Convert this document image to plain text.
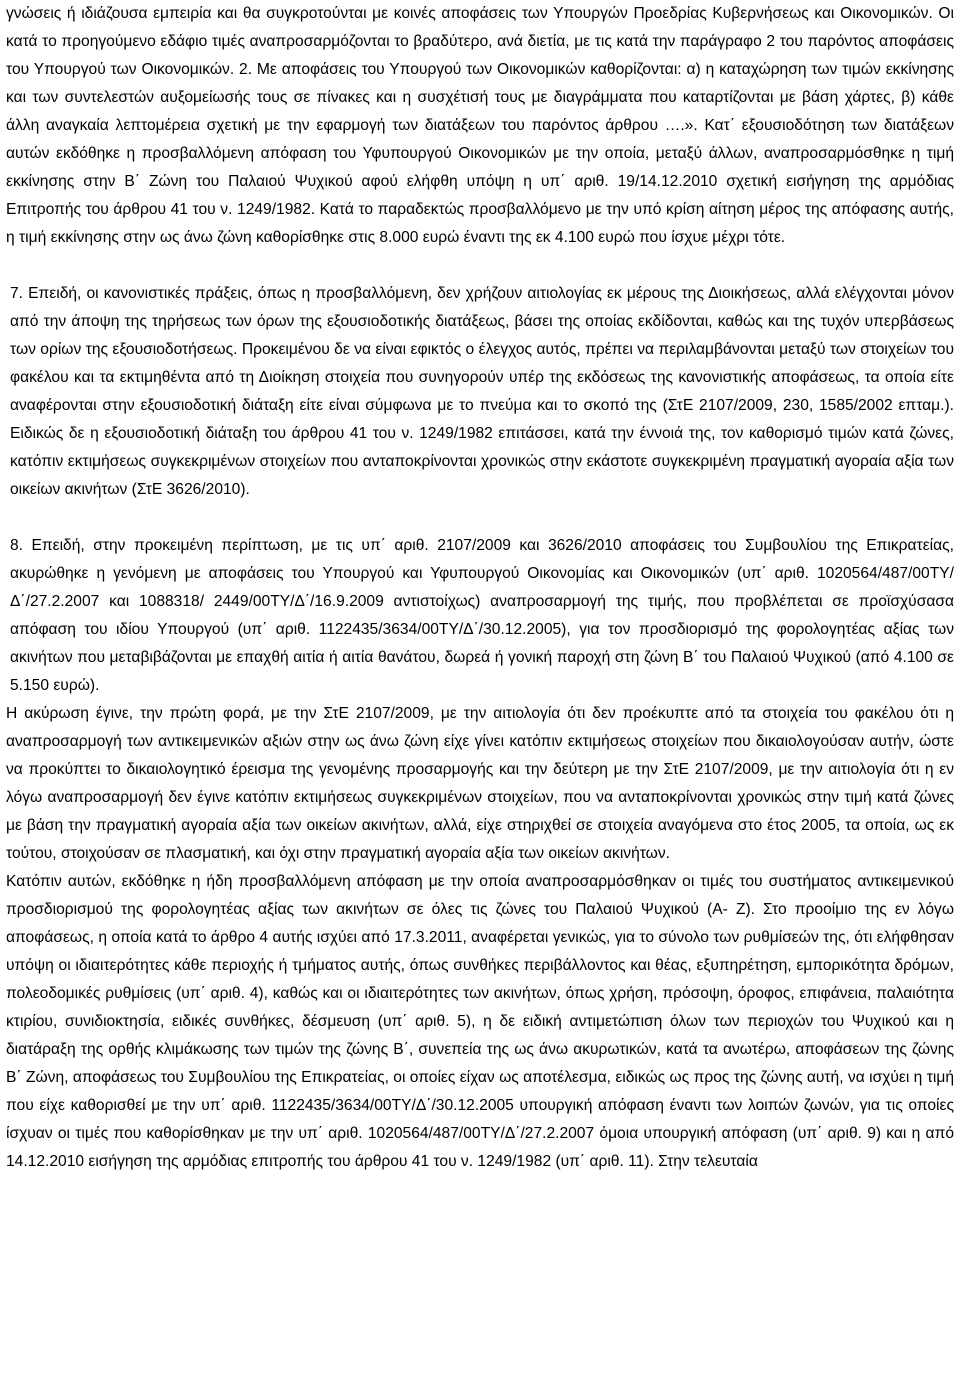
γνώσεις ή ιδιάζουσα εμπειρία και θα συγκροτούνται με κοινές αποφάσεις των Υπουργών Προεδρίας Κυβερνήσεως και Οικονομικών. Οι κατά το προηγούμενο εδάφιο τιμές αναπροσαρμόζονται το βραδύτερο, ανά διετία, με τις κατά την παράγραφο 2 του παρόντος αποφάσεις του Υπουργού των Οικονομικών. 2. Με αποφάσεις του Υπουργού των Οικονομικών καθορίζονται: α) η καταχώρηση των τιμών εκκίνησης και των συντελεστών αυξομείωσής τους σε πίνακες και η συσχέτισή τους με διαγράμματα που καταρτίζονται με βάση χάρτες, β) κάθε άλλη αναγκαία λεπτομέρεια σχετική με την εφαρμογή των διατάξεων του παρόντος άρθρου ….». Κατ΄ εξουσιοδότηση των διατάξεων αυτών εκδόθηκε η προσβαλλόμενη απόφαση του Υφυπουργού Οικονομικών με την οποία, μεταξύ άλλων, αναπροσαρμόσθηκε η τιμή εκκίνησης στην Β΄ Ζώνη του Παλαιού Ψυχικού αφού ελήφθη υπόψη η υπ΄ αριθ. 19/14.12.2010 σχετική εισήγηση της αρμόδιας Επιτροπής του άρθρου 41 του ν. 1249/1982. Κατά το παραδεκτώς προσβαλλόμενο με την υπό κρίση αίτηση μέρος της απόφασης αυτής, η τιμή εκκίνησης στην ως άνω ζώνη καθορίσθηκε στις 8.000 ευρώ έναντι της εκ 4.100 ευρώ που ίσχυε μέχρι τότε.

7. Επειδή, οι κανονιστικές πράξεις, όπως η προσβαλλόμενη, δεν χρήζουν αιτιολογίας εκ μέρους της Διοικήσεως, αλλά ελέγχονται μόνον από την άποψη της τηρήσεως των όρων της εξουσιοδοτικής διατάξεως, βάσει της οποίας εκδίδονται, καθώς και της τυχόν υπερβάσεως των ορίων της εξουσιοδοτήσεως. Προκειμένου δε να είναι εφικτός ο έλεγχος αυτός, πρέπει να περιλαμβάνονται μεταξύ των στοιχείων του φακέλου και τα εκτιμηθέντα από τη Διοίκηση στοιχεία που συνηγορούν υπέρ της εκδόσεως της κανονιστικής αποφάσεως, τα οποία είτε αναφέρονται στην εξουσιοδοτική διάταξη είτε είναι σύμφωνα με το πνεύμα και το σκοπό της (ΣτΕ 2107/2009, 230, 1585/2002 επταμ.). Ειδικώς δε η εξουσιοδοτική διάταξη του άρθρου 41 του ν. 1249/1982 επιτάσσει, κατά την έννοιά της, τον καθορισμό τιμών κατά ζώνες, κατόπιν εκτιμήσεως συγκεκριμένων στοιχείων που ανταποκρίνονται χρονικώς στην εκάστοτε συγκεκριμένη πραγματική αγοραία αξία των οικείων ακινήτων (ΣτΕ 3626/2010).

8. Επειδή, στην προκειμένη περίπτωση, με τις υπ΄ αριθ. 2107/2009 και 3626/2010 αποφάσεις του Συμβουλίου της Επικρατείας, ακυρώθηκε η γενόμενη με αποφάσεις του Υπουργού και Υφυπουργού Οικονομίας και Οικονομικών (υπ΄ αριθ. 1020564/487/00ΤΥ/Δ΄/27.2.2007 και 1088318/ 2449/00ΤΥ/Δ΄/16.9.2009 αντιστοίχως) αναπροσαρμογή της τιμής, που προβλέπεται σε προϊσχύσασα απόφαση του ιδίου Υπουργού (υπ΄ αριθ. 1122435/3634/00ΤΥ/Δ΄/30.12.2005), για τον προσδιορισμό της φορολογητέας αξίας των ακινήτων που μεταβιβάζονται με επαχθή αιτία ή αιτία θανάτου, δωρεά ή γονική παροχή στη ζώνη Β΄ του Παλαιού Ψυχικού (από 4.100 σε 5.150 ευρώ).

Η ακύρωση έγινε, την πρώτη φορά, με την ΣτΕ 2107/2009, με την αιτιολογία ότι δεν προέκυπτε από τα στοιχεία του φακέλου ότι η αναπροσαρμογή των αντικειμενικών αξιών στην ως άνω ζώνη είχε γίνει κατόπιν εκτιμήσεως στοιχείων που δικαιολογούσαν αυτήν, ώστε να προκύπτει το δικαιολογητικό έρεισμα της γενομένης προσαρμογής και την δεύτερη με την ΣτΕ 2107/2009, με την αιτιολογία ότι η εν λόγω αναπροσαρμογή δεν έγινε κατόπιν εκτιμήσεως συγκεκριμένων στοιχείων, που να ανταποκρίνονται χρονικώς στην τιμή κατά ζώνες με βάση την πραγματική αγοραία αξία των οικείων ακινήτων, αλλά, είχε στηριχθεί σε στοιχεία αναγόμενα στο έτος 2005, τα οποία, ως εκ τούτου, στοιχούσαν σε πλασματική, και όχι στην πραγματική αγοραία αξία των οικείων ακινήτων.

Κατόπιν αυτών, εκδόθηκε η ήδη προσβαλλόμενη απόφαση με την οποία αναπροσαρμόσθηκαν οι τιμές του συστήματος αντικειμενικού προσδιορισμού της φορολογητέας αξίας των ακινήτων σε όλες τις ζώνες του Παλαιού Ψυχικού (Α- Ζ). Στο προοίμιο της εν λόγω αποφάσεως, η οποία κατά το άρθρο 4 αυτής ισχύει από 17.3.2011, αναφέρεται γενικώς, για το σύνολο των ρυθμίσεών της, ότι ελήφθησαν υπόψη οι ιδιαιτερότητες κάθε περιοχής ή τμήματος αυτής, όπως συνθήκες περιβάλλοντος και θέας, εξυπηρέτηση, εμπορικότητα δρόμων, πολεοδομικές ρυθμίσεις (υπ΄ αριθ. 4), καθώς και οι ιδιαιτερότητες των ακινήτων, όπως χρήση, πρόσοψη, όροφος, επιφάνεια, παλαιότητα κτιρίου, συνιδιοκτησία, ειδικές συνθήκες, δέσμευση (υπ΄ αριθ. 5), η δε ειδική αντιμετώπιση όλων των περιοχών του Ψυχικού και η διατάραξη της ορθής κλιμάκωσης των τιμών της ζώνης Β΄, συνεπεία της ως άνω ακυρωτικών, κατά τα ανωτέρω, αποφάσεων της ζώνης Β΄ Ζώνη, αποφάσεως του Συμβουλίου της Επικρατείας, οι οποίες είχαν ως αποτέλεσμα, ειδικώς ως προς της ζώνης αυτή, να ισχύει η τιμή που είχε καθορισθεί με την υπ΄ αριθ. 1122435/3634/00ΤΥ/Δ΄/30.12.2005 υπουργική απόφαση έναντι των λοιπών ζωνών, για τις οποίες ίσχυαν οι τιμές που καθορίσθηκαν με την υπ΄ αριθ. 1020564/487/00ΤΥ/Δ΄/27.2.2007 όμοια υπουργική απόφαση (υπ΄ αριθ. 9) και η από 14.12.2010 εισήγηση της αρμόδιας επιτροπής του άρθρου 41 του ν. 1249/1982 (υπ΄ αριθ. 11). Στην τελευταία
